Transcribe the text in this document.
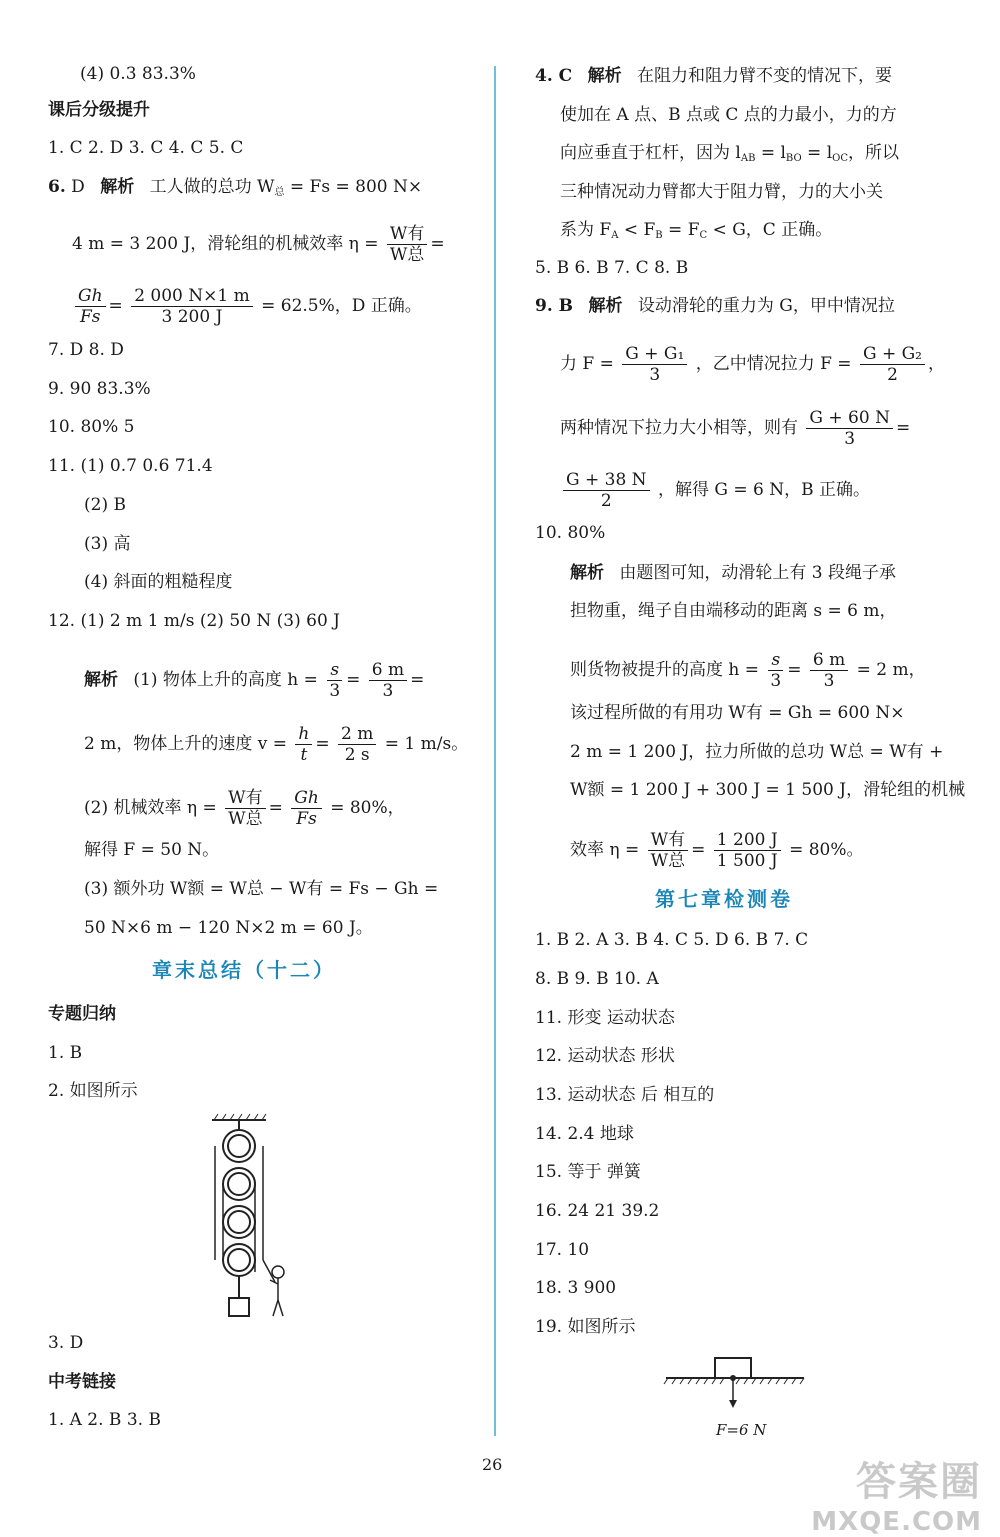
(4) 0.3 83.3%
课后分级提升
1. C 2. D 3. C 4. C 5. C
6. D 解析 工人做的总功 $W_总 = Fs = 800$ N×
4 m = 3 200 J，滑轮组的机械效率 $\eta = \frac{\text{W有}}{\text{W总}}$ =
$\frac{Gh}{Fs} = \frac{2 000 N\times 1 m}{3 200 J} = 62.5\%$，D 正确。
7. D 8. D
9. 90 83.3%
10. 80% 5
11. (1) 0.7 0.6 71.4
(2) B
(3) 高
(4) 斜面的粗糙程度
12. (1) 2 m 1 m/s (2) 50 N (3) 60 J
解析 (1) 物体上升的高度 $h = \frac{s}{3} = \frac{6 m}{3}$ =
2 m，物体上升的速度 $v = \frac{h}{t} = \frac{2 m}{2 s} = 1$ m/s。
(2) 机械效率 $\eta = \frac{\text{W有}}{\text{W总}} = \frac{Gh}{Fs} = 80\%$，
解得 F = 50 N。
(3) 额外功 W额 = W总 − W有 = Fs − Gh =
50 N×6 m − 120 N×2 m = 60 J。
章末总结（十二）
专题归纳
1. B
2. 如图所示
3. D
中考链接
1. A 2. B 3. B
4. C 解析 在阻力和阻力臂不变的情况下，要
使加在 A 点、B 点或 C 点的力最小，力的方
向应垂直于杠杆，因为 $l_{AB} = l_{BO} = l_{OC}$，所以
三种情况动力臂都大于阻力臂，力的大小关
系为 $F_A < F_B = F_C < G$，C 正确。
5. B 6. B 7. C 8. B
9. B 解析 设动滑轮的重力为 G，甲中情况拉
力 $F = \frac{\text{G + G₁}}{3}$ ，乙中情况拉力 $F = \frac{\text{G + G₂}}{2}$ ，
两种情况下拉力大小相等，则有 $\frac{G + 60 N}{3}$ =
$\frac{G + 38 N}{2}$ ，解得 G = 6 N，B 正确。
10. 80%
解析 由题图可知，动滑轮上有 3 段绳子承
担物重，绳子自由端移动的距离 s = 6 m，
则货物被提升的高度 $h = \frac{s}{3} = \frac{6 m}{3} = 2$ m，
该过程所做的有用功 W有 = Gh = 600 N×
2 m = 1 200 J，拉力所做的总功 W总 = W有 +
W额 = 1 200 J + 300 J = 1 500 J，滑轮组的机械
效率 $\eta = \frac{\text{W有}}{\text{W总}} = \frac{1 200 J}{1 500 J} = 80\%$。
第七章检测卷
1. B 2. A 3. B 4. C 5. D 6. B 7. C
8. B 9. B 10. A
11. 形变 运动状态
12. 运动状态 形状
13. 运动状态 后 相互的
14. 2.4 地球
15. 等于 弹簧
16. 24 21 39.2
17. 10
18. 3 900
19. 如图所示
F=6 N
26	答案圈
MXQE.COM
